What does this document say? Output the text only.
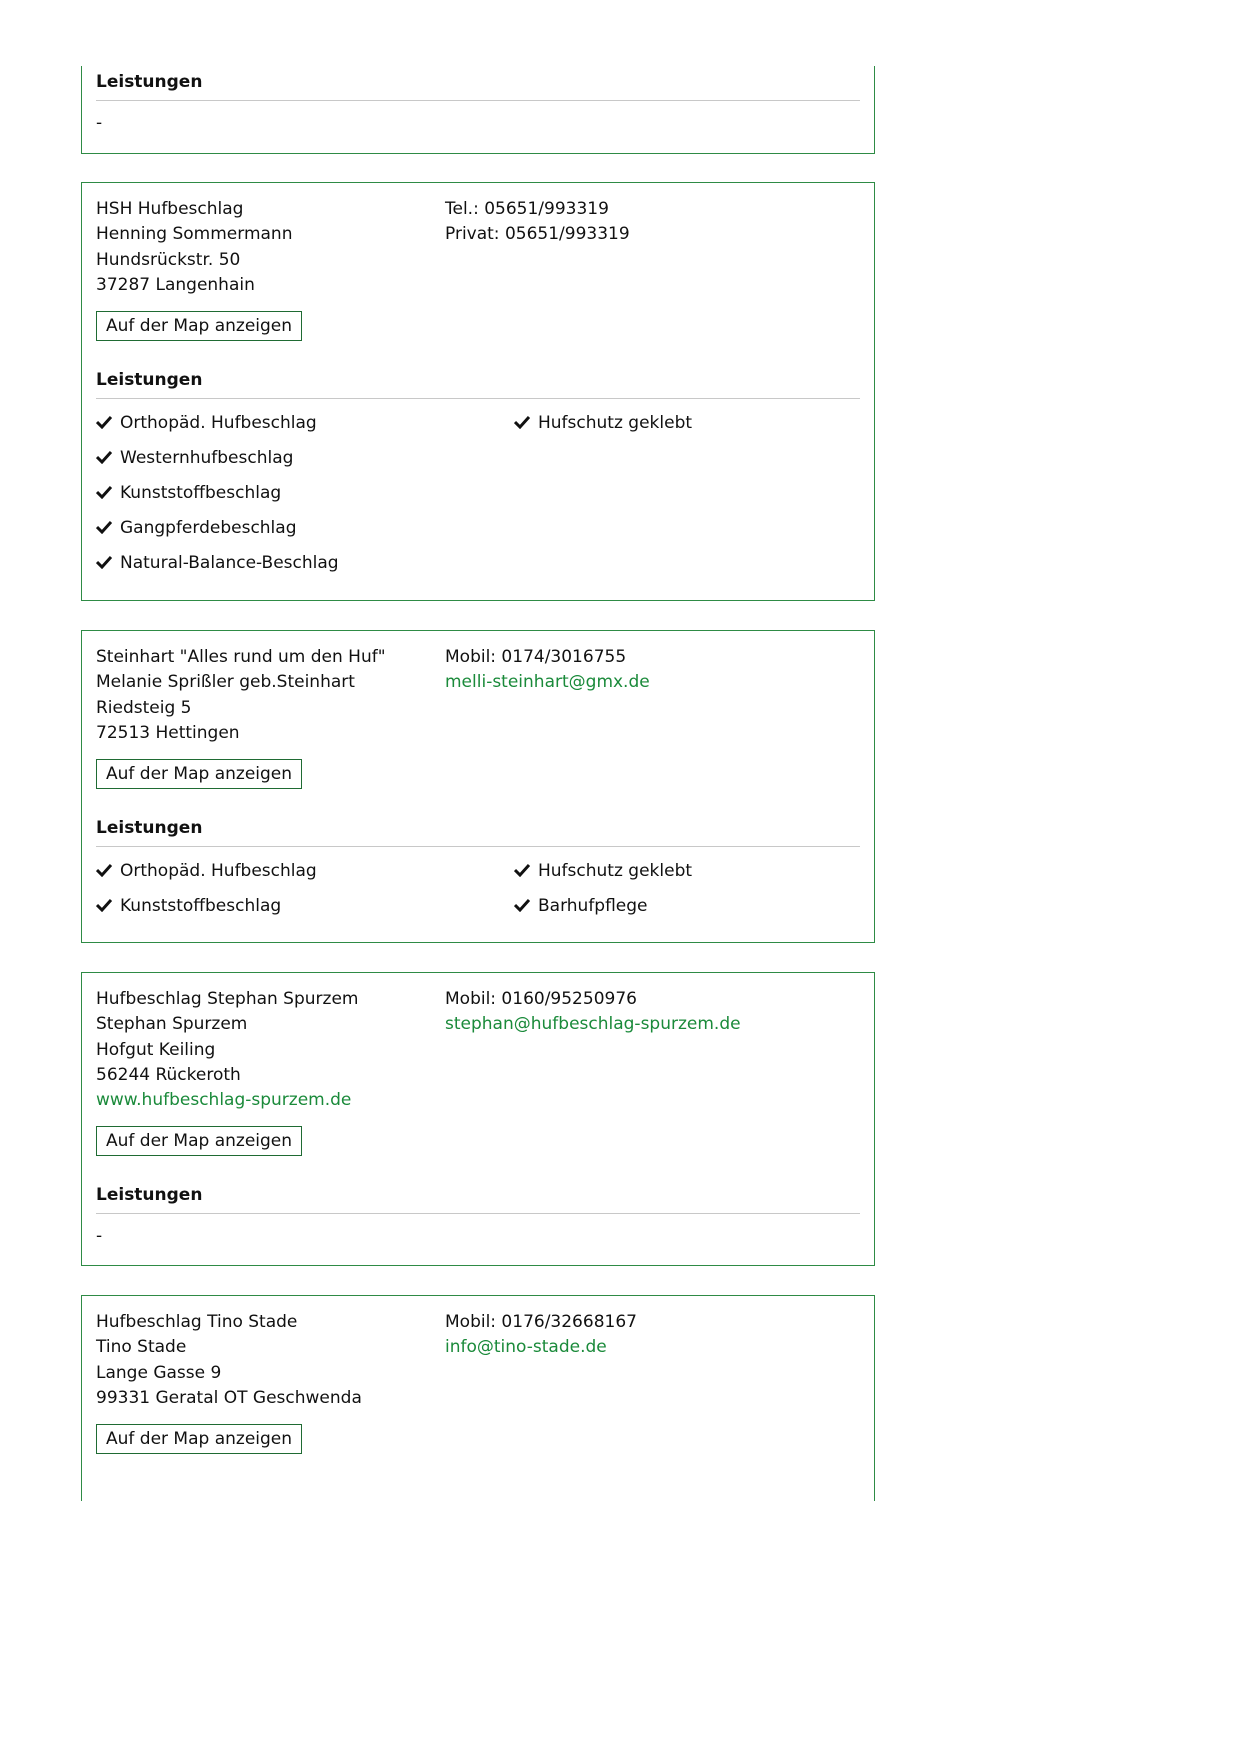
Leistungen
-
HSH Hufbeschlag
Henning Sommermann
Hundsrückstr. 50
37287 Langenhain
Tel.: 05651/993319
Privat: 05651/993319
Auf der Map anzeigen
Leistungen
Orthopäd. Hufbeschlag
Westernhufbeschlag
Kunststoffbeschlag
Gangpferdebeschlag
Natural-Balance-Beschlag
Hufschutz geklebt
Steinhart "Alles rund um den Huf"
Melanie Sprißler geb.Steinhart
Riedsteig 5
72513 Hettingen
Mobil: 0174/3016755
melli-steinhart@gmx.de
Auf der Map anzeigen
Leistungen
Orthopäd. Hufbeschlag
Kunststoffbeschlag
Hufschutz geklebt
Barhufpflege
Hufbeschlag Stephan Spurzem
Stephan Spurzem
Hofgut Keiling
56244 Rückeroth
www.hufbeschlag-spurzem.de
Mobil: 0160/95250976
stephan@hufbeschlag-spurzem.de
Auf der Map anzeigen
Leistungen
-
Hufbeschlag Tino Stade
Tino Stade
Lange Gasse 9
99331 Geratal OT Geschwenda
Mobil: 0176/32668167
info@tino-stade.de
Auf der Map anzeigen
